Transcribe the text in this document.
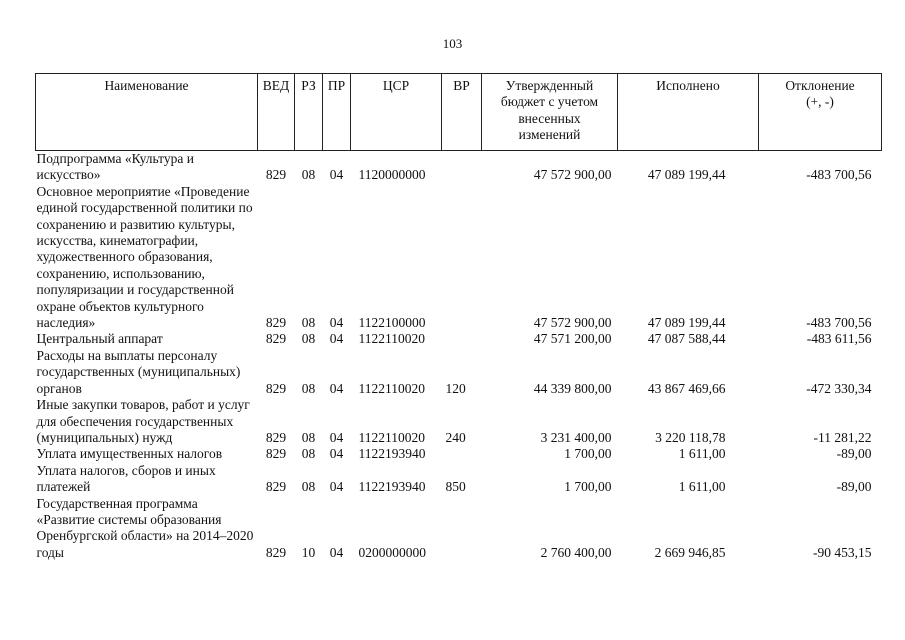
103
Наименование	ВЕД	РЗ	ПР	ЦСР	ВР	Утвержденный бюджет с учетом внесенных изменений	Исполнено	Отклонение (+, -)
Подпрограмма «Культура и искусство»	829	08	04	1120000000		47 572 900,00	47 089 199,44	-483 700,56
Основное мероприятие «Проведение единой государственной политики по сохранению и развитию культуры, искусства, кинематографии, художественного образования, сохранению, использованию, популяризации и государственной охране объектов культурного наследия»	829	08	04	1122100000		47 572 900,00	47 089 199,44	-483 700,56
Центральный аппарат	829	08	04	1122110020		47 571 200,00	47 087 588,44	-483 611,56
Расходы на выплаты персоналу государственных (муниципальных) органов	829	08	04	1122110020	120	44 339 800,00	43 867 469,66	-472 330,34
Иные закупки товаров, работ и услуг для обеспечения государственных (муниципальных) нужд	829	08	04	1122110020	240	3 231 400,00	3 220 118,78	-11 281,22
Уплата имущественных налогов	829	08	04	1122193940		1 700,00	1 611,00	-89,00
Уплата налогов, сборов и иных платежей	829	08	04	1122193940	850	1 700,00	1 611,00	-89,00
Государственная программа «Развитие системы образования Оренбургской области» на 2014–2020 годы	829	10	04	0200000000		2 760 400,00	2 669 946,85	-90 453,15
